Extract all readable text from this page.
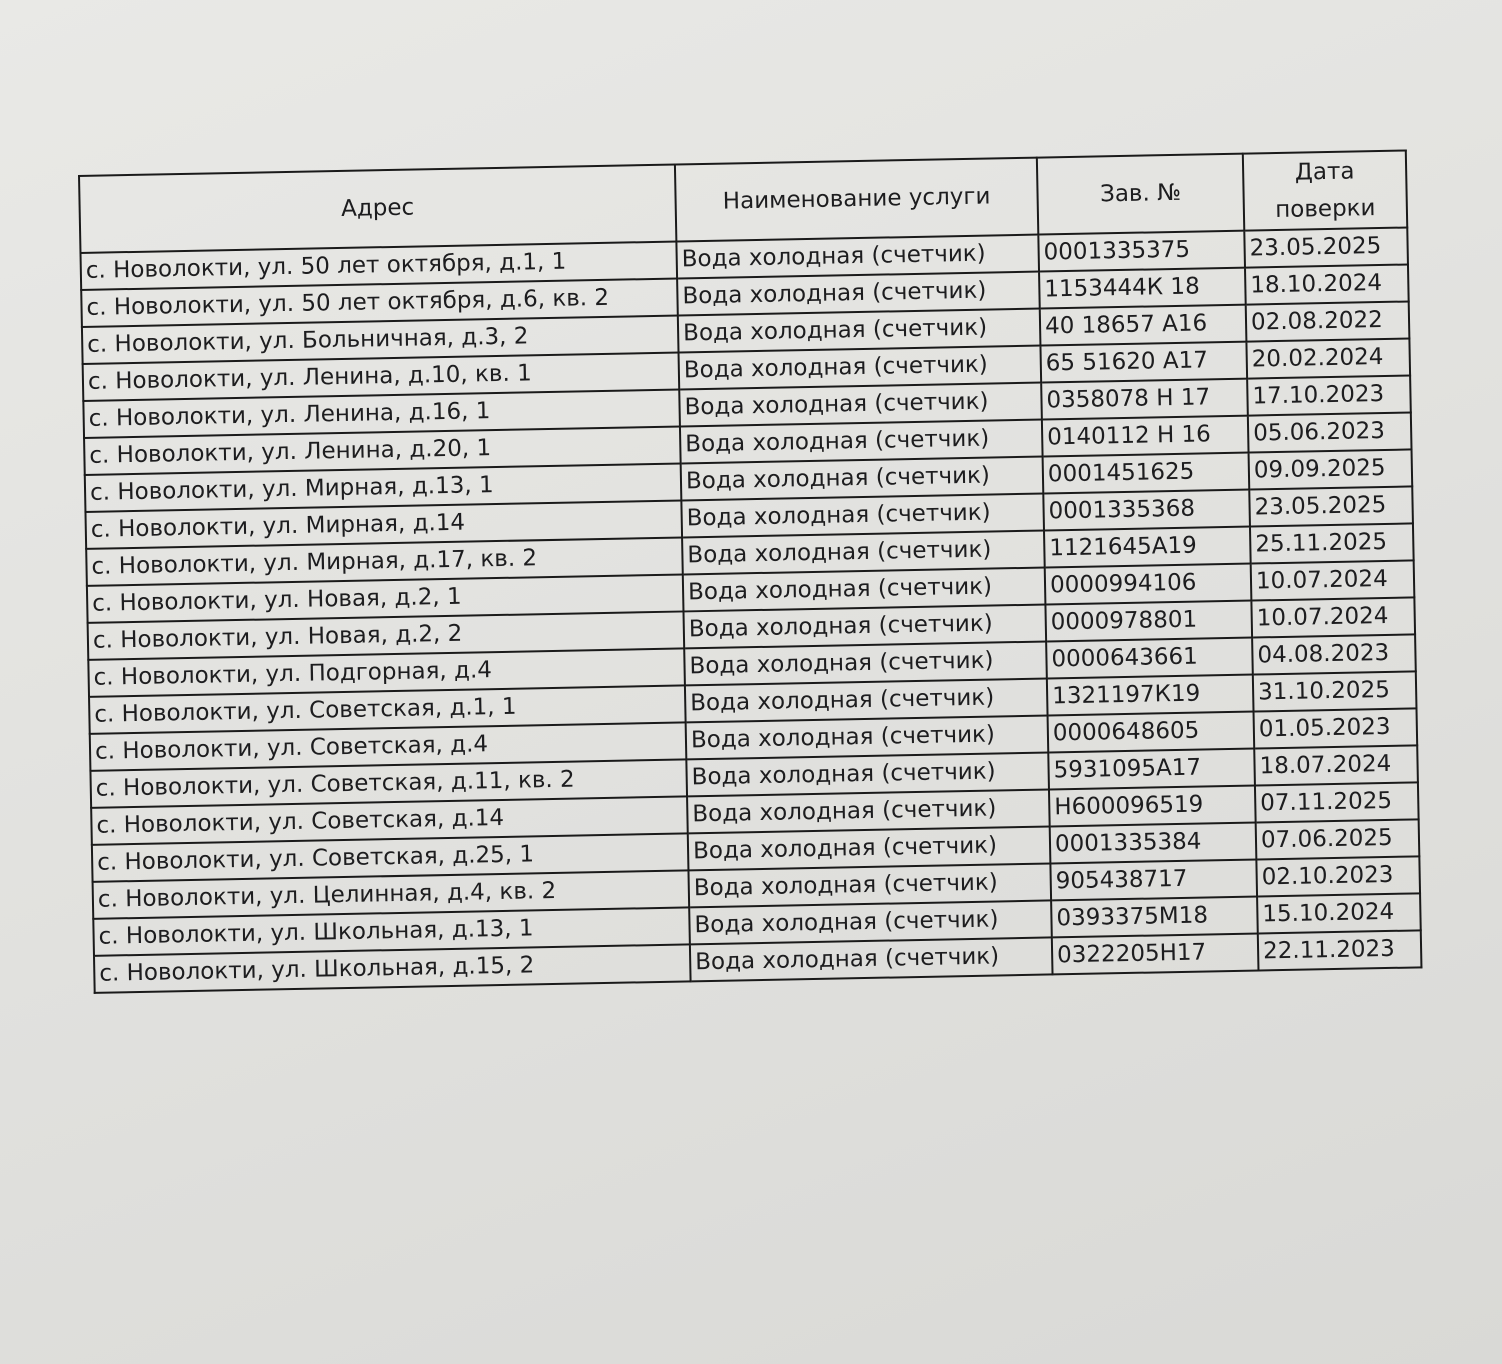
Адрес	Наименование услуги	Зав. №	Дата
поверки
с. Новолокти, ул. 50 лет октября, д.1, 1	Вода холодная (счетчик)	0001335375	23.05.2025
с. Новолокти, ул. 50 лет октября, д.6, кв. 2	Вода холодная (счетчик)	1153444К 18	18.10.2024
с. Новолокти, ул. Больничная, д.3, 2	Вода холодная (счетчик)	40 18657 А16	02.08.2022
с. Новолокти, ул. Ленина, д.10, кв. 1	Вода холодная (счетчик)	65 51620 А17	20.02.2024
с. Новолокти, ул. Ленина, д.16, 1	Вода холодная (счетчик)	0358078 Н 17	17.10.2023
с. Новолокти, ул. Ленина, д.20, 1	Вода холодная (счетчик)	0140112 Н 16	05.06.2023
с. Новолокти, ул. Мирная, д.13, 1	Вода холодная (счетчик)	0001451625	09.09.2025
с. Новолокти, ул. Мирная, д.14	Вода холодная (счетчик)	0001335368	23.05.2025
с. Новолокти, ул. Мирная, д.17, кв. 2	Вода холодная (счетчик)	1121645А19	25.11.2025
с. Новолокти, ул. Новая, д.2, 1	Вода холодная (счетчик)	0000994106	10.07.2024
с. Новолокти, ул. Новая, д.2, 2	Вода холодная (счетчик)	0000978801	10.07.2024
с. Новолокти, ул. Подгорная, д.4	Вода холодная (счетчик)	0000643661	04.08.2023
с. Новолокти, ул. Советская, д.1, 1	Вода холодная (счетчик)	1321197К19	31.10.2025
с. Новолокти, ул. Советская, д.4	Вода холодная (счетчик)	0000648605	01.05.2023
с. Новолокти, ул. Советская, д.11, кв. 2	Вода холодная (счетчик)	5931095А17	18.07.2024
с. Новолокти, ул. Советская, д.14	Вода холодная (счетчик)	Н600096519	07.11.2025
с. Новолокти, ул. Советская, д.25, 1	Вода холодная (счетчик)	0001335384	07.06.2025
с. Новолокти, ул. Целинная, д.4, кв. 2	Вода холодная (счетчик)	905438717	02.10.2023
с. Новолокти, ул. Школьная, д.13, 1	Вода холодная (счетчик)	0393375М18	15.10.2024
с. Новолокти, ул. Школьная, д.15, 2	Вода холодная (счетчик)	0322205Н17	22.11.2023
